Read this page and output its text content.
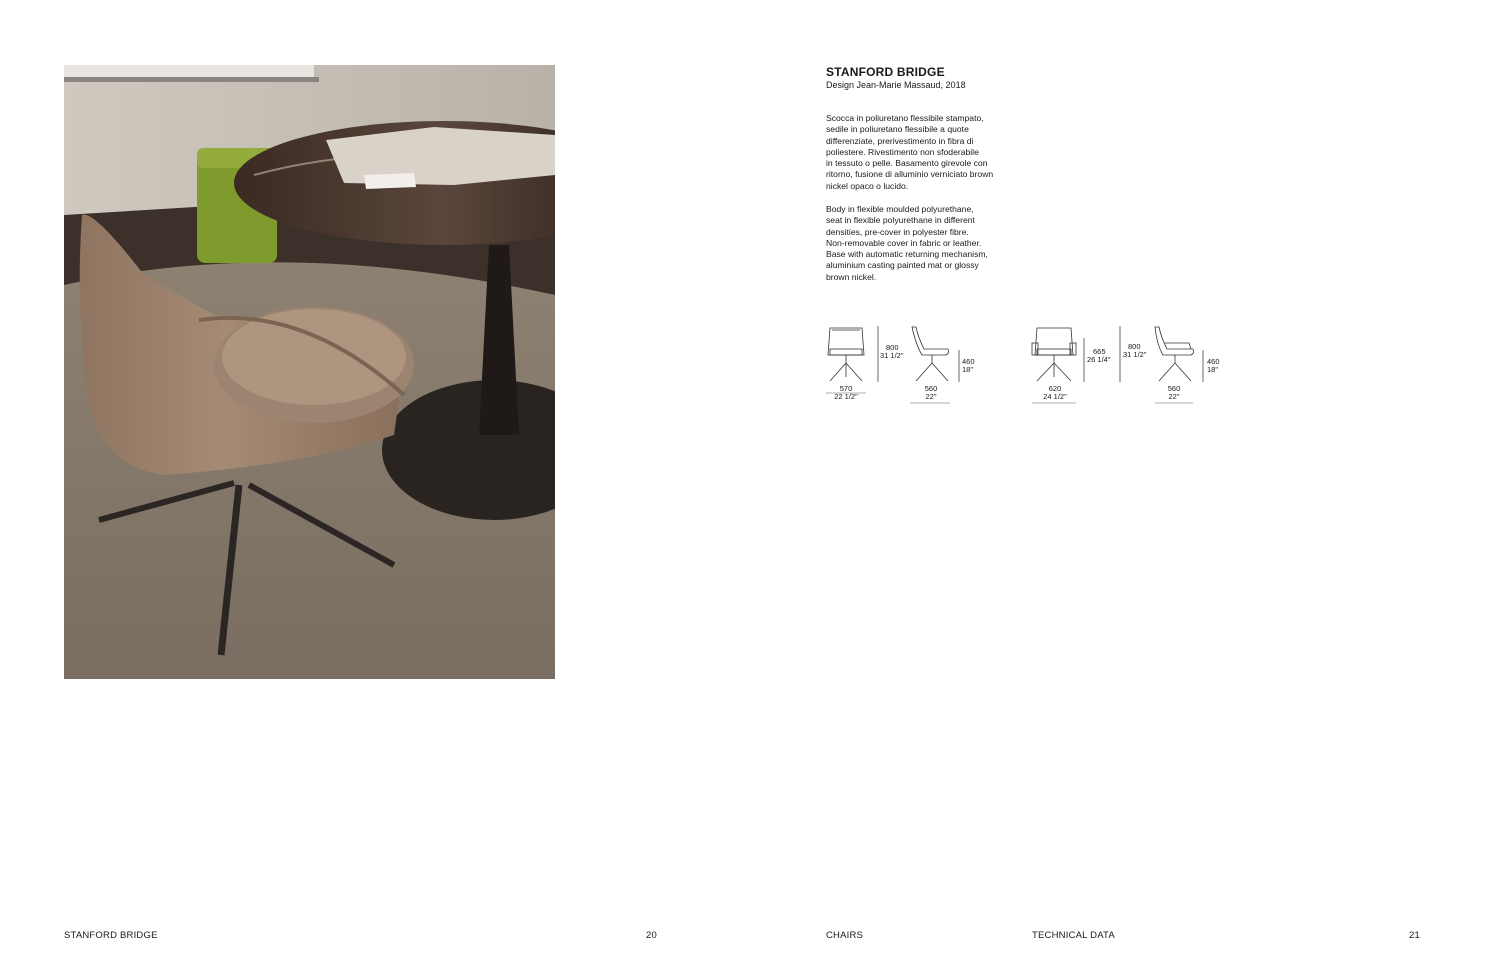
STANFORD BRIDGE
Design Jean-Marie Massaud, 2018
Scocca in poliuretano flessibile stampato,
sedile in poliuretano flessibile a quote
differenziate, prerivestimento in fibra di
poliestere. Rivestimento non sfoderabile
in tessuto o pelle. Basamento girevole con
ritorno, fusione di alluminio verniciato brown
nickel opaco o lucido.
Body in flexible moulded polyurethane,
seat in flexible polyurethane in different
densities, pre-cover in polyester fibre.
Non-removable cover in fabric or leather.
Base with automatic returning mechanism,
aluminium casting painted mat or glossy
brown nickel.
570
22 1/2"
800
31 1/2"
560
22"
460
18"
620
24 1/2"
665
26 1/4"
800
31 1/2"
560
22"
460
18"
STANFORD BRIDGE	20	CHAIRS	TECHNICAL DATA	21
